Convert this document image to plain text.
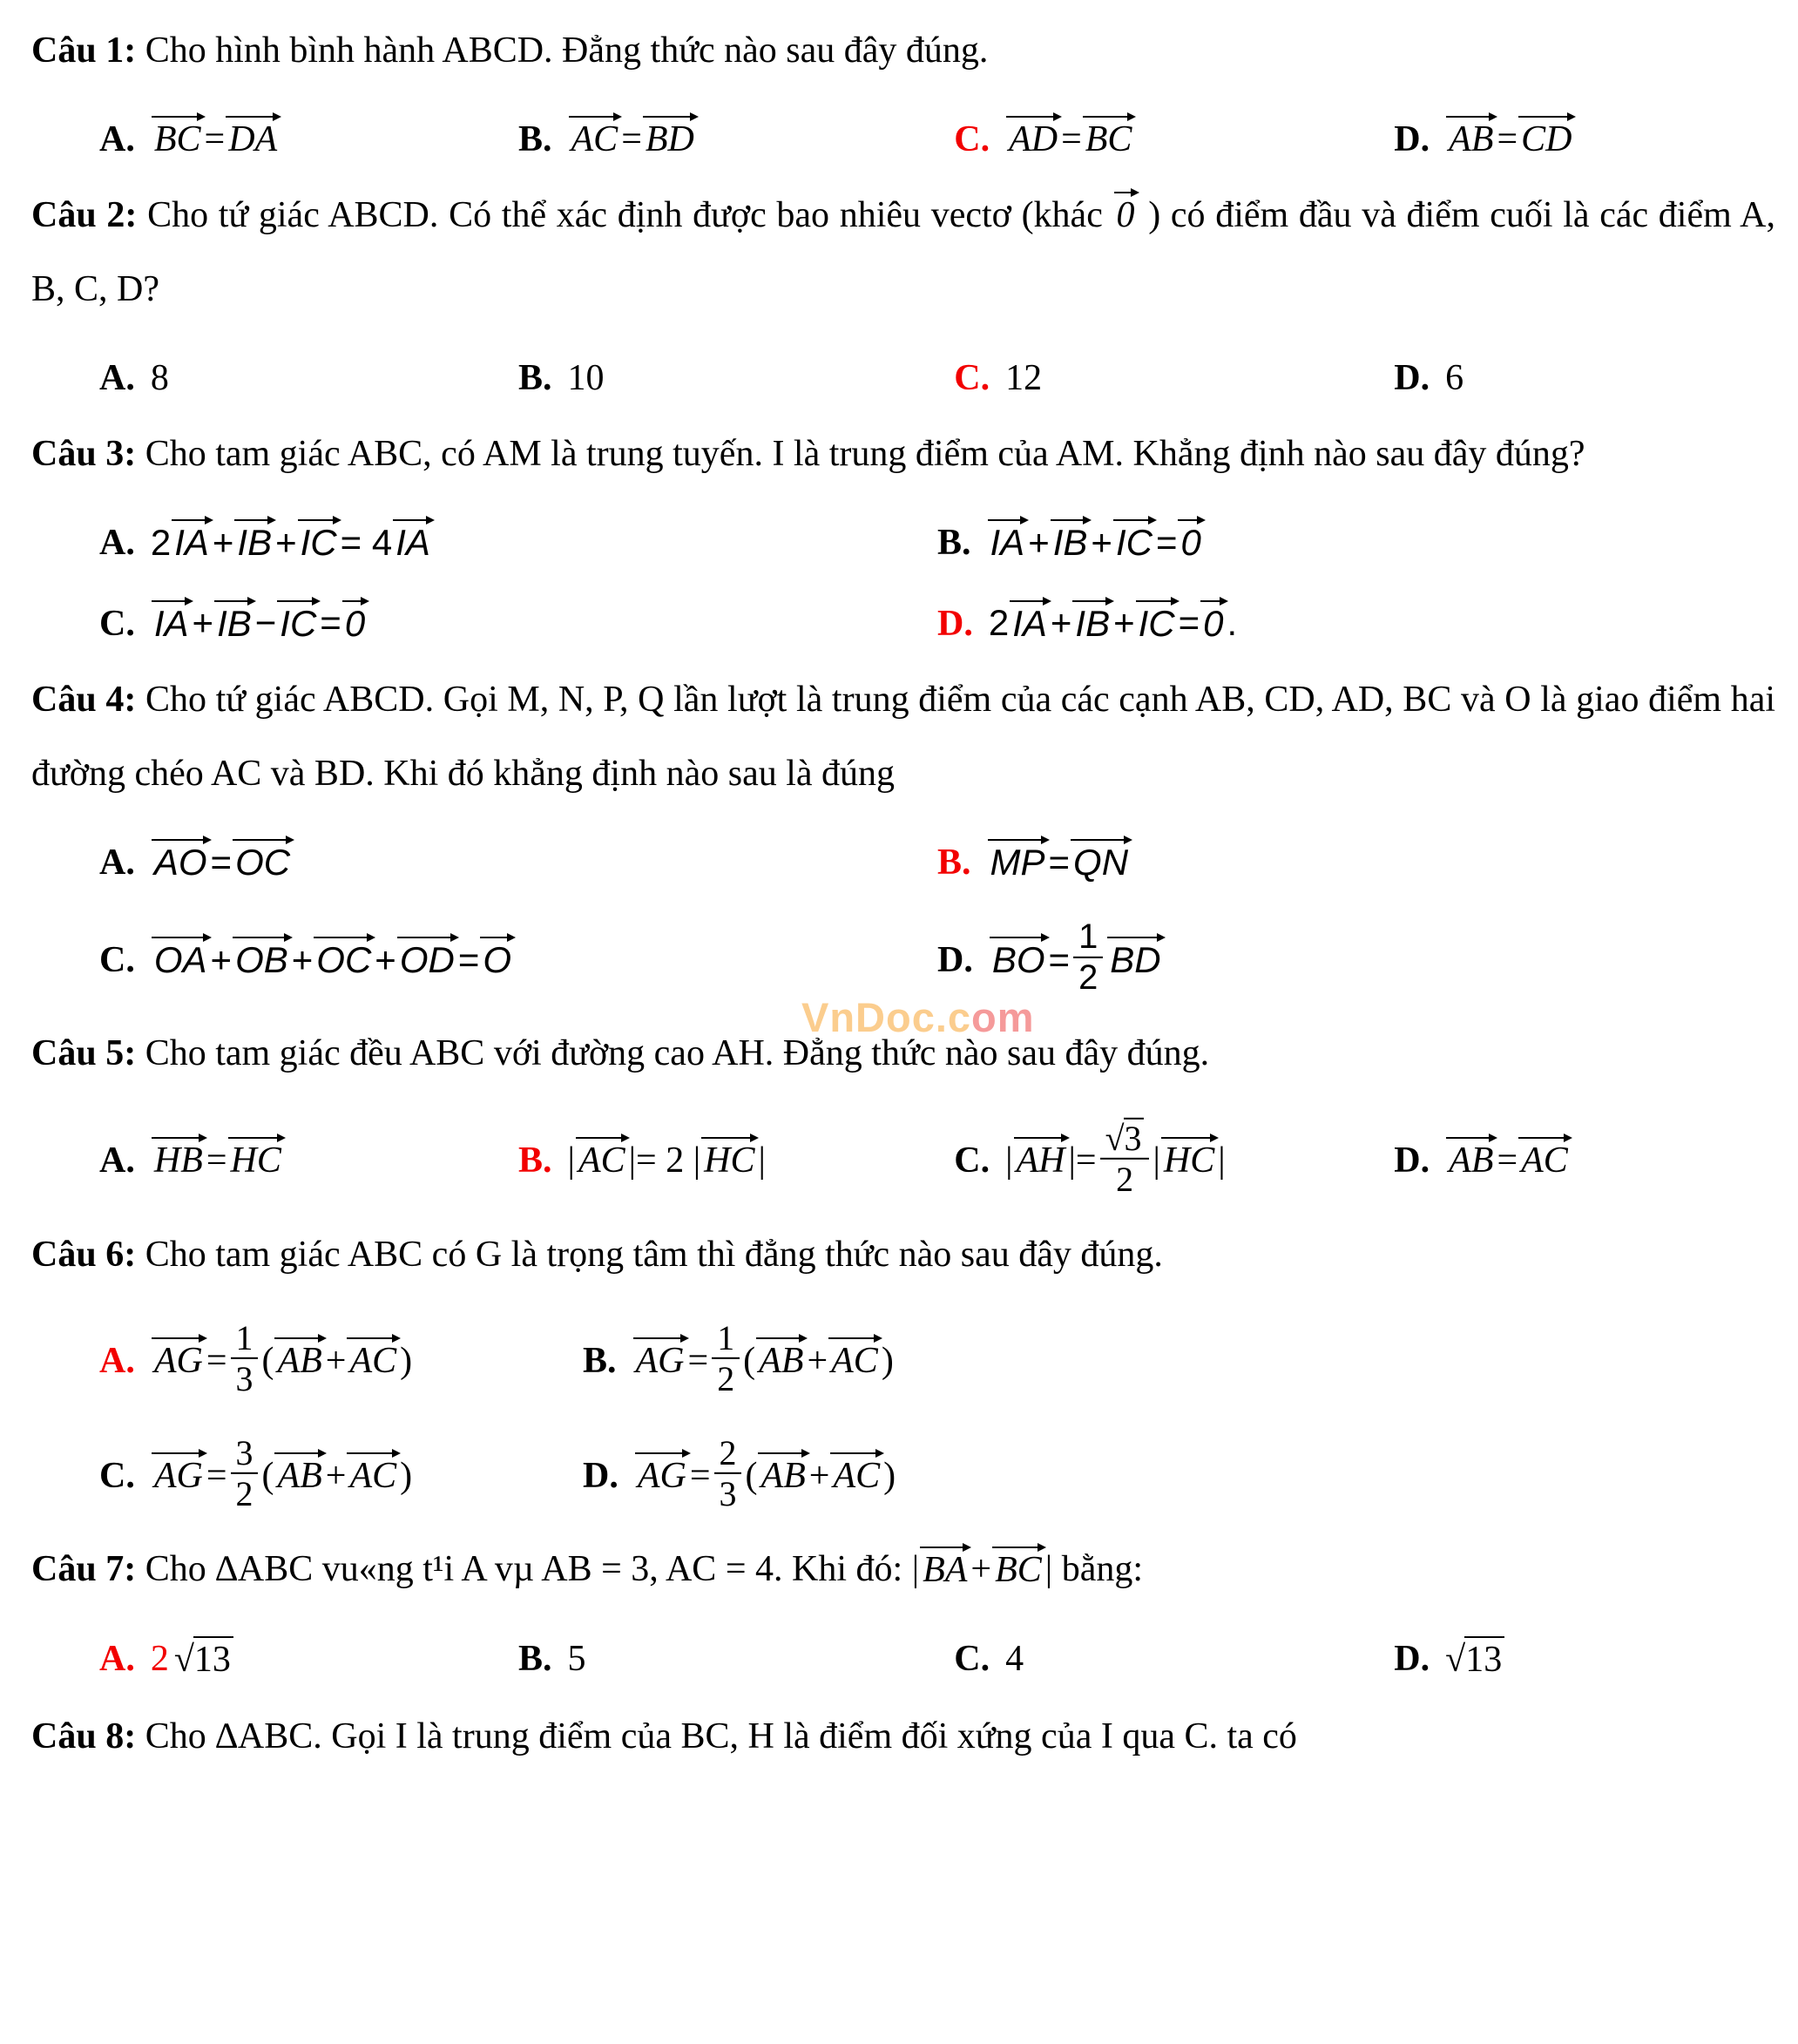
VnDoc.com

Câu 1: Cho hình bình hành ABCD. Đẳng thức nào sau đây đúng.

A. BC = DA	B. AC = BD	C. AD = BC	D. AB = CD

Câu 2: Cho tứ giác ABCD. Có thể xác định được bao nhiêu vectơ (khác 0 ) có điểm đầu và điểm cuối là các điểm A, B, C, D?

A. 8	B. 10	C. 12	D. 6

Câu 3: Cho tam giác ABC, có AM là trung tuyến. I là trung điểm của AM. Khẳng định nào sau đây đúng?

A. 2 IA + IB + IC = 4 IA	B. IA + IB + IC = 0
C. IA + IB − IC = 0	D. 2 IA + IB + IC = 0 .

Câu 4: Cho tứ giác ABCD. Gọi M, N, P, Q lần lượt là trung điểm của các cạnh AB, CD, AD, BC và O là giao điểm hai đường chéo AC và BD. Khi đó khẳng định nào sau là đúng

A. AO = OC	B. MP = QN
C. OA + OB + OC + OD = O	D. BO = $\frac{1}{2}$ BD

Câu 5: Cho tam giác đều ABC với đường cao AH. Đẳng thức nào sau đây đúng.

A. HB = HC	B. | AC |= 2 | HC |	C. | AH |= $\frac{√ 3}{2}$ | HC |	D. AB = AC

Câu 6: Cho tam giác ABC có G là trọng tâm thì đẳng thức nào sau đây đúng.

A. AG = $\frac{1}{3}$ ( AB + AC )	B. AG = $\frac{1}{2}$ ( AB + AC )
C. AG = $\frac{3}{2}$ ( AB + AC )	D. AG = $\frac{2}{3}$ ( AB + AC )

Câu 7: Cho ∆ABC vu«ng t¹i A vµ AB = 3, AC = 4. Khi đó: | BA + BC | bằng:

A. 2 √ 13	B. 5	C. 4	D. √ 13

Câu 8: Cho ∆ABC. Gọi I là trung điểm của BC, H là điểm đối xứng của I qua C. ta có
